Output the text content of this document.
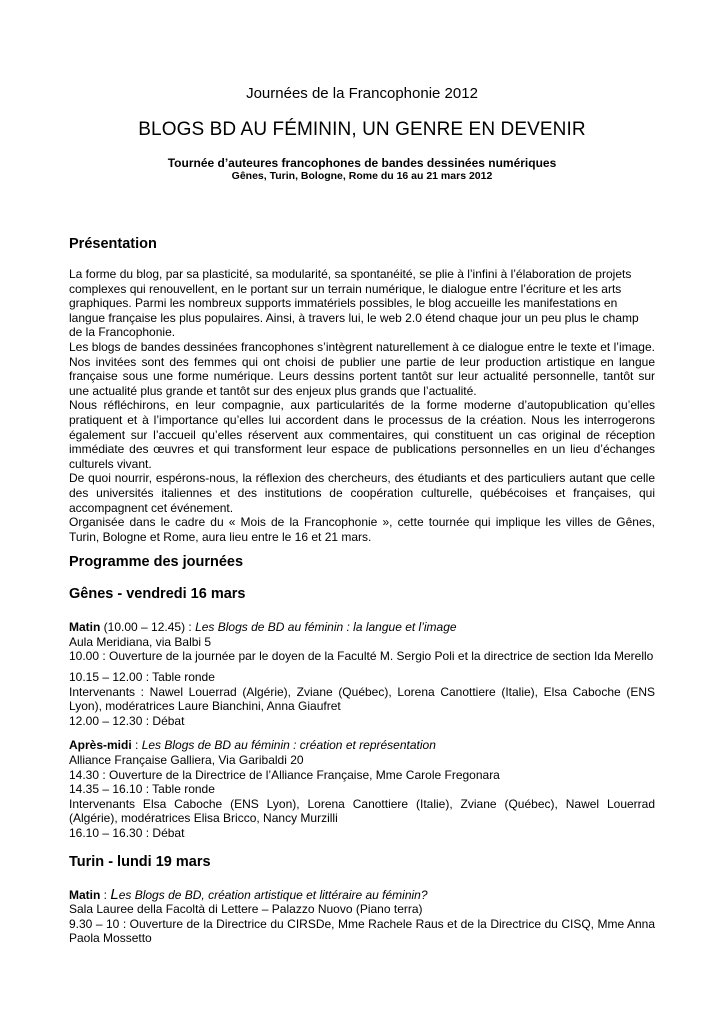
Journées de la Francophonie 2012
BLOGS BD AU FÉMININ, UN GENRE EN DEVENIR
Tournée d’auteures francophones de bandes dessinées numériques
Gênes, Turin, Bologne, Rome du 16 au 21 mars 2012
Présentation
La forme du blog, par sa plasticité, sa modularité, sa spontanéité, se plie à l’infini à l’élaboration de projets
complexes qui renouvellent, en le portant sur un terrain numérique, le dialogue entre l’écriture et les arts
graphiques. Parmi les nombreux supports immatériels possibles, le blog accueille les manifestations en
langue française les plus populaires. Ainsi, à travers lui, le web 2.0 étend chaque jour un peu plus le champ
de la Francophonie.
Les blogs de bandes dessinées francophones s’intègrent naturellement à ce dialogue entre le texte et l’image. Nos invitées sont des femmes qui ont choisi de publier une partie de leur production artistique en langue française sous une forme numérique. Leurs dessins portent tantôt sur leur actualité personnelle, tantôt sur une actualité plus grande et tantôt sur des enjeux plus grands que l’actualité.
Nous réfléchirons, en leur compagnie, aux particularités de la forme moderne d’autopublication qu’elles pratiquent et à l’importance qu’elles lui accordent dans le processus de la création. Nous les interrogerons également sur l’accueil qu’elles réservent aux commentaires, qui constituent un cas original de réception immédiate des œuvres et qui transforment leur espace de publications personnelles en un lieu d’échanges culturels vivant.
De quoi nourrir, espérons-nous, la réflexion des chercheurs, des étudiants et des particuliers autant que celle des universités italiennes et des institutions de coopération culturelle, québécoises et françaises, qui accompagnent cet événement.
Organisée dans le cadre du « Mois de la Francophonie », cette tournée qui implique les villes de Gênes, Turin, Bologne et Rome, aura lieu entre le 16 et 21 mars.
Programme des journées
Gênes - vendredi 16 mars

Matin (10.00 – 12.45) : Les Blogs de BD au féminin : la langue et l’image

Aula Meridiana, via Balbi 5

10.00 : Ouverture de la journée par le doyen de la Faculté M. Sergio Poli et la directrice de section Ida Merello

10.15 – 12.00 : Table ronde

Intervenants : Nawel Louerrad (Algérie), Zviane (Québec), Lorena Canottiere (Italie), Elsa Caboche (ENS Lyon), modératrices Laure Bianchini, Anna Giaufret

12.00 – 12.30 : Débat

Après-midi : Les Blogs de BD au féminin : création et représentation

Alliance Française Galliera, Via Garibaldi 20

14.30 : Ouverture de la Directrice de l’Alliance Française, Mme Carole Fregonara

14.35 – 16.10 : Table ronde

Intervenants Elsa Caboche (ENS Lyon), Lorena Canottiere (Italie), Zviane (Québec), Nawel Louerrad (Algérie), modératrices Elisa Bricco, Nancy Murzilli

16.10 – 16.30 : Débat

Turin - lundi 19 mars

Matin : Les Blogs de BD, création artistique et littéraire au féminin?

Sala Lauree della Facoltà di Lettere – Palazzo Nuovo (Piano terra)

9.30 – 10 : Ouverture de la Directrice du CIRSDe, Mme Rachele Raus et de la Directrice du CISQ, Mme Anna Paola Mossetto
